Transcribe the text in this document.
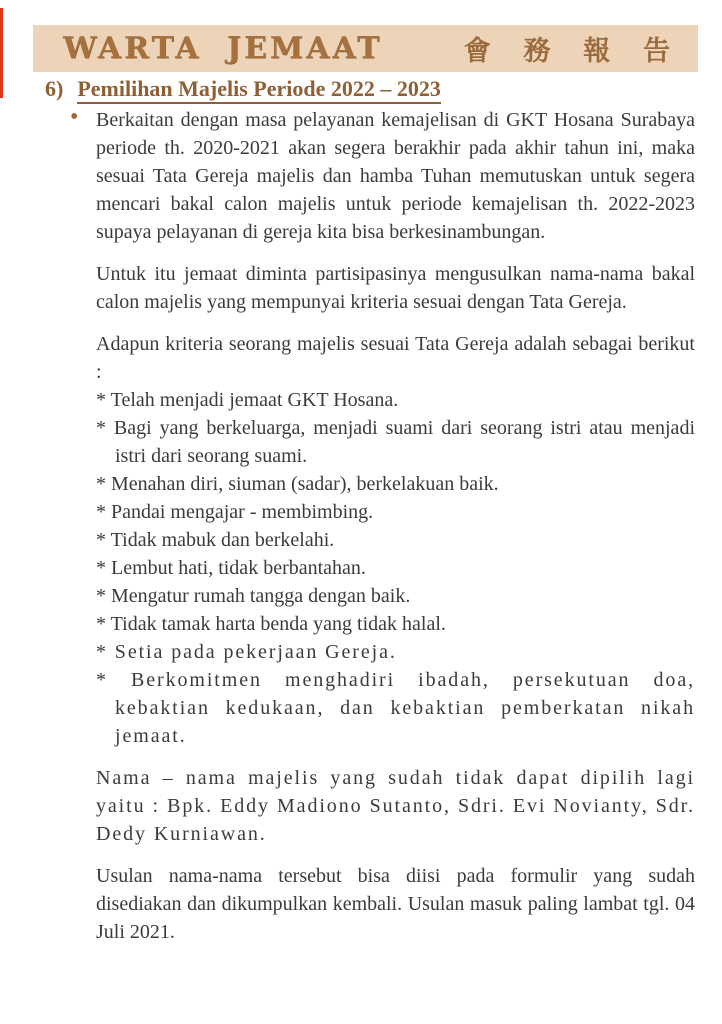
WARTA JEMAAT	會 務 報 告
6) Pemilihan Majelis Periode 2022 – 2023
• Berkaitan dengan masa pelayanan kemajelisan di GKT Hosana Surabaya periode th. 2020-2021 akan segera berakhir pada akhir tahun ini, maka sesuai Tata Gereja majelis dan hamba Tuhan memutuskan untuk segera mencari bakal calon majelis untuk periode kemajelisan th. 2022-2023 supaya pelayanan di gereja kita bisa berkesinambungan.

Untuk itu jemaat diminta partisipasinya mengusulkan nama-nama bakal calon majelis yang mempunyai kriteria sesuai dengan Tata Gereja.

Adapun kriteria seorang majelis sesuai Tata Gereja adalah sebagai berikut :

* Telah menjadi jemaat GKT Hosana.
* Bagi yang berkeluarga, menjadi suami dari seorang istri atau menjadi istri dari seorang suami.
* Menahan diri, siuman (sadar), berkelakuan baik.
* Pandai mengajar - membimbing.
* Tidak mabuk dan berkelahi.
* Lembut hati, tidak berbantahan.
* Mengatur rumah tangga dengan baik.
* Tidak tamak harta benda yang tidak halal.
* Setia pada pekerjaan Gereja.
* Berkomitmen menghadiri ibadah, persekutuan doa, kebaktian kedukaan, dan kebaktian pemberkatan nikah jemaat.

Nama – nama majelis yang sudah tidak dapat dipilih lagi yaitu : Bpk. Eddy Madiono Sutanto, Sdri. Evi Novianty, Sdr. Dedy Kurniawan.

Usulan nama-nama tersebut bisa diisi pada formulir yang sudah disediakan dan dikumpulkan kembali. Usulan masuk paling lambat tgl. 04 Juli 2021.
